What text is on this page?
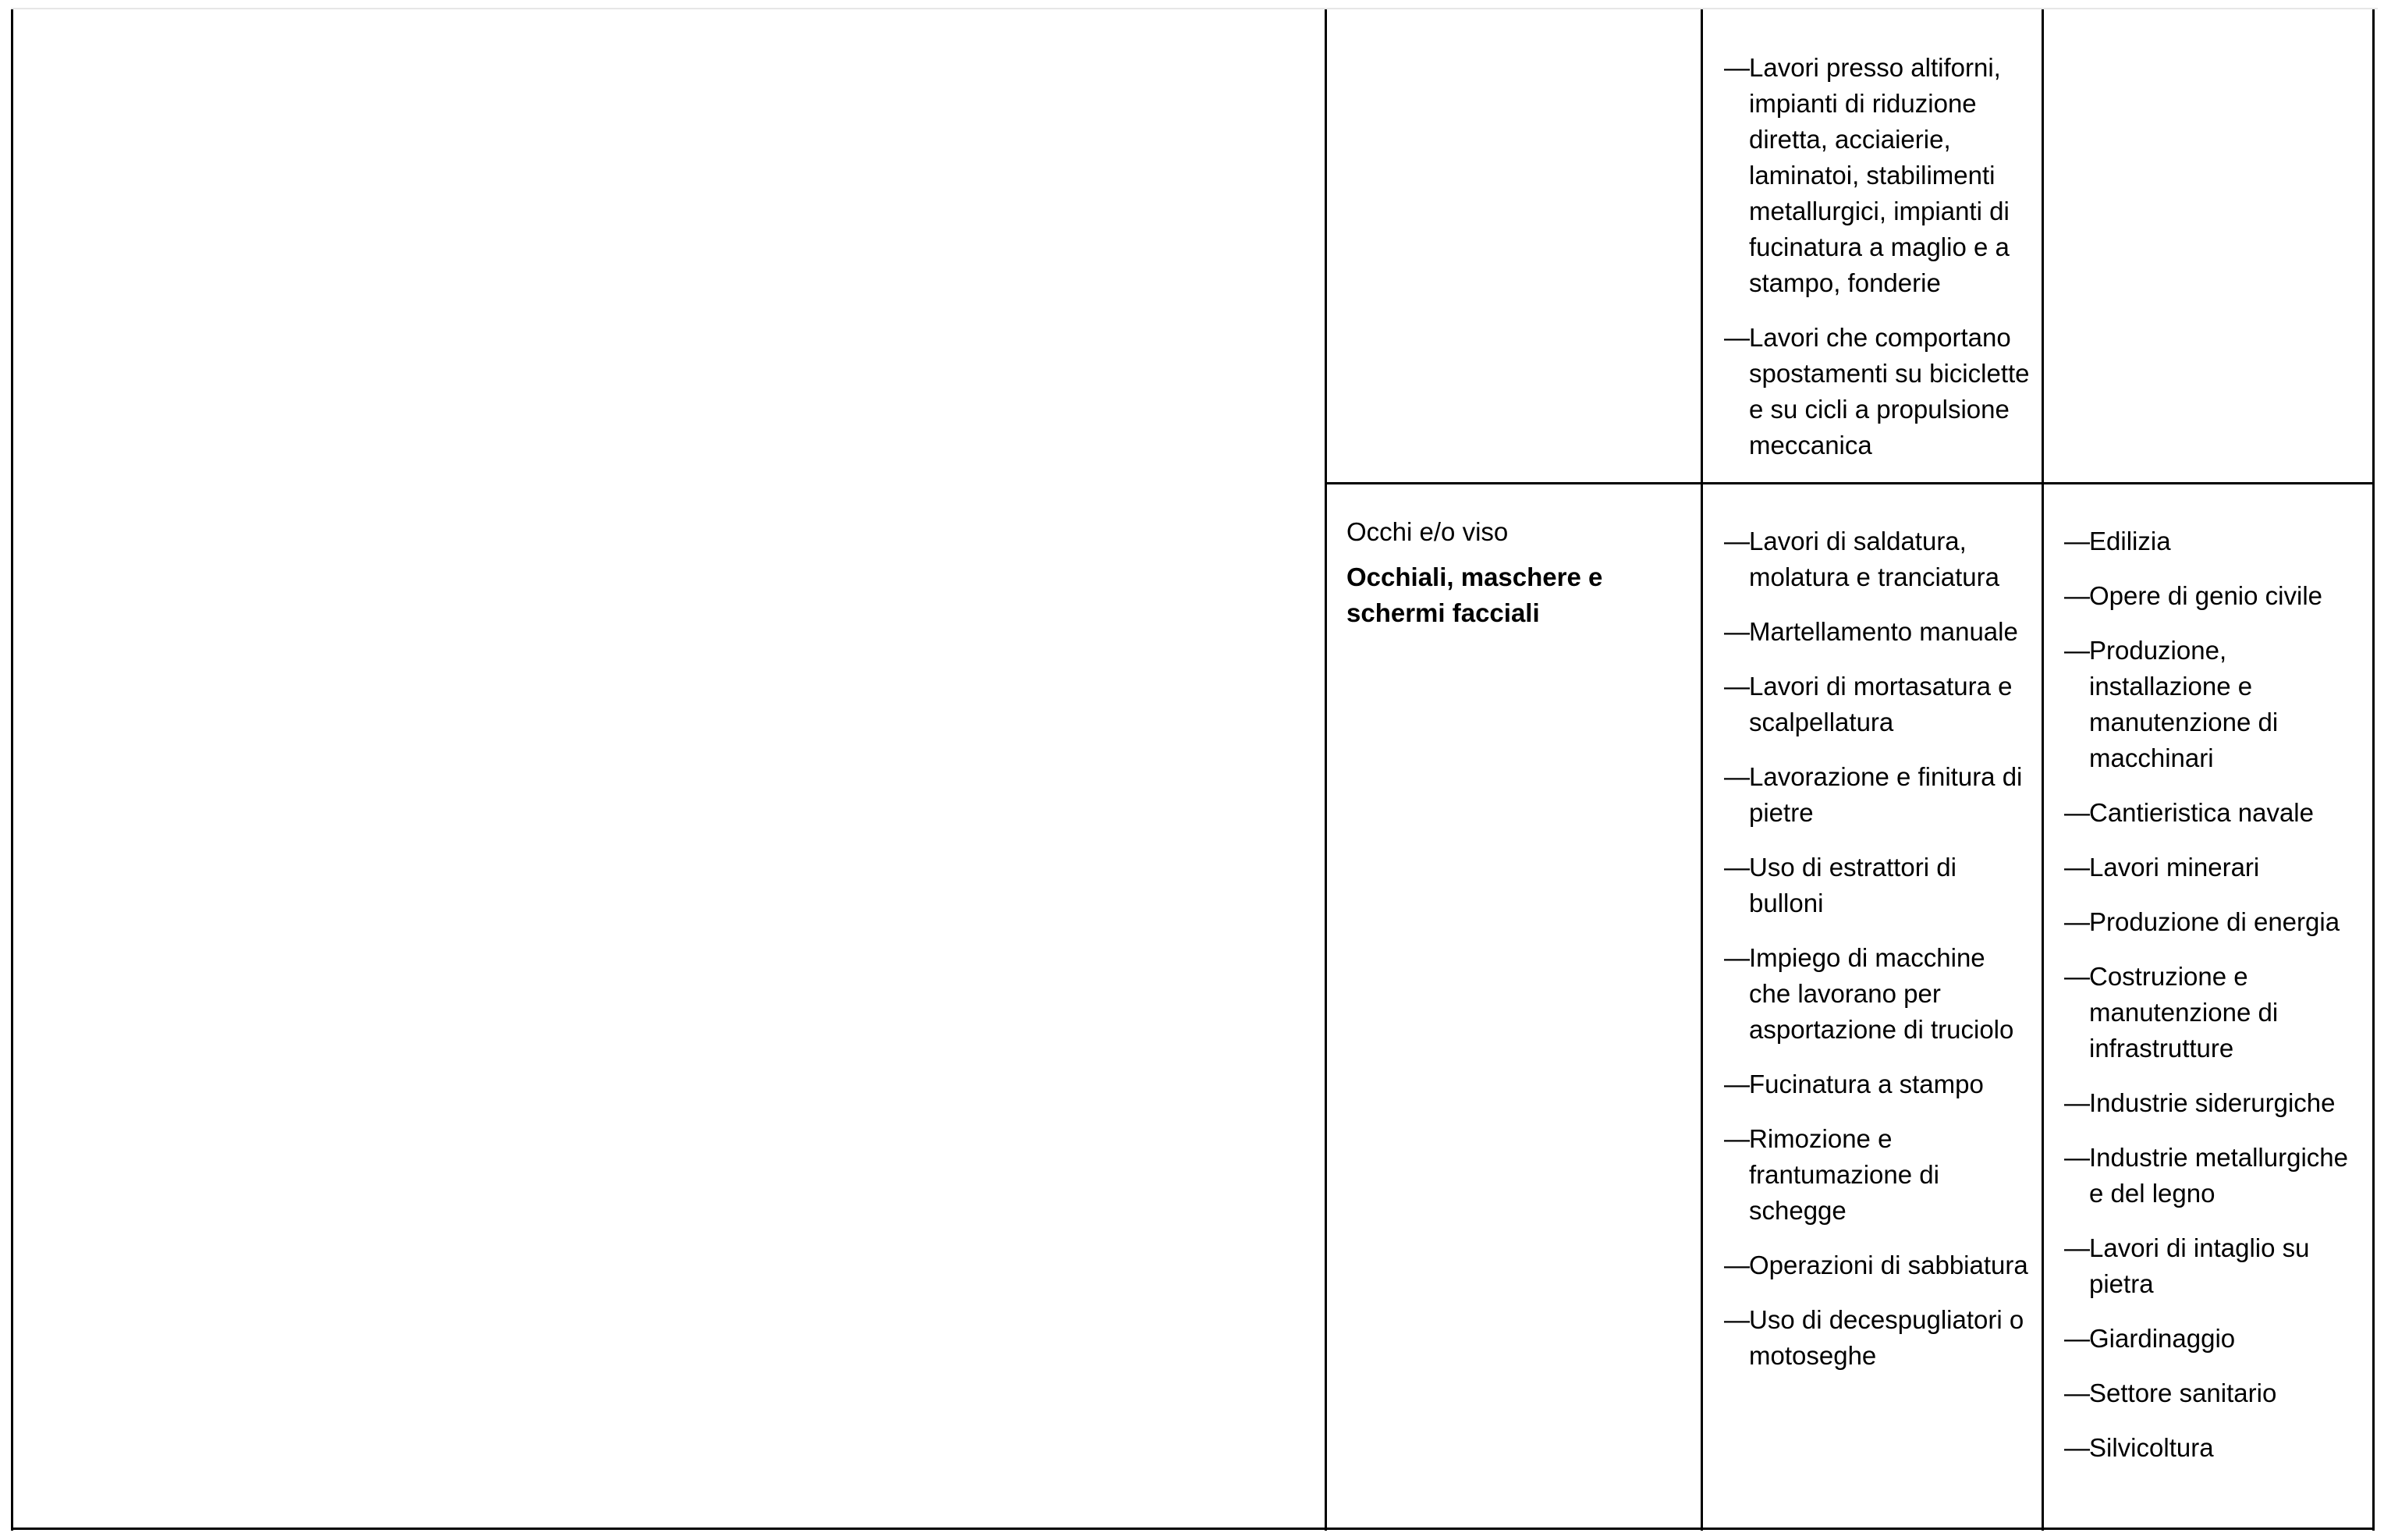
— Lavori presso altiforni, impianti di riduzione diretta, acciaierie, laminatoi, stabilimenti metallurgici, impianti di fucinatura a maglio e a stampo, fonderie
— Lavori che comportano spostamenti su biciclette e su cicli a propulsione meccanica
Occhi e/o viso
Occhiali, maschere e schermi facciali
— Lavori di saldatura, molatura e tranciatura
— Martellamento manuale
— Lavori di mortasatura e scalpellatura
— Lavorazione e finitura di pietre
— Uso di estrattori di bulloni
— Impiego di macchine che lavorano per asportazione di truciolo
— Fucinatura a stampo
— Rimozione e frantumazione di schegge
— Operazioni di sabbiatura
— Uso di decespugliatori o motoseghe
— Edilizia
— Opere di genio civile
— Produzione, installazione e manutenzione di macchinari
— Cantieristica navale
— Lavori minerari
— Produzione di energia
— Costruzione e manutenzione di infrastrutture
— Industrie siderurgiche
— Industrie metallurgiche e del legno
— Lavori di intaglio su pietra
— Giardinaggio
— Settore sanitario
— Silvicoltura
